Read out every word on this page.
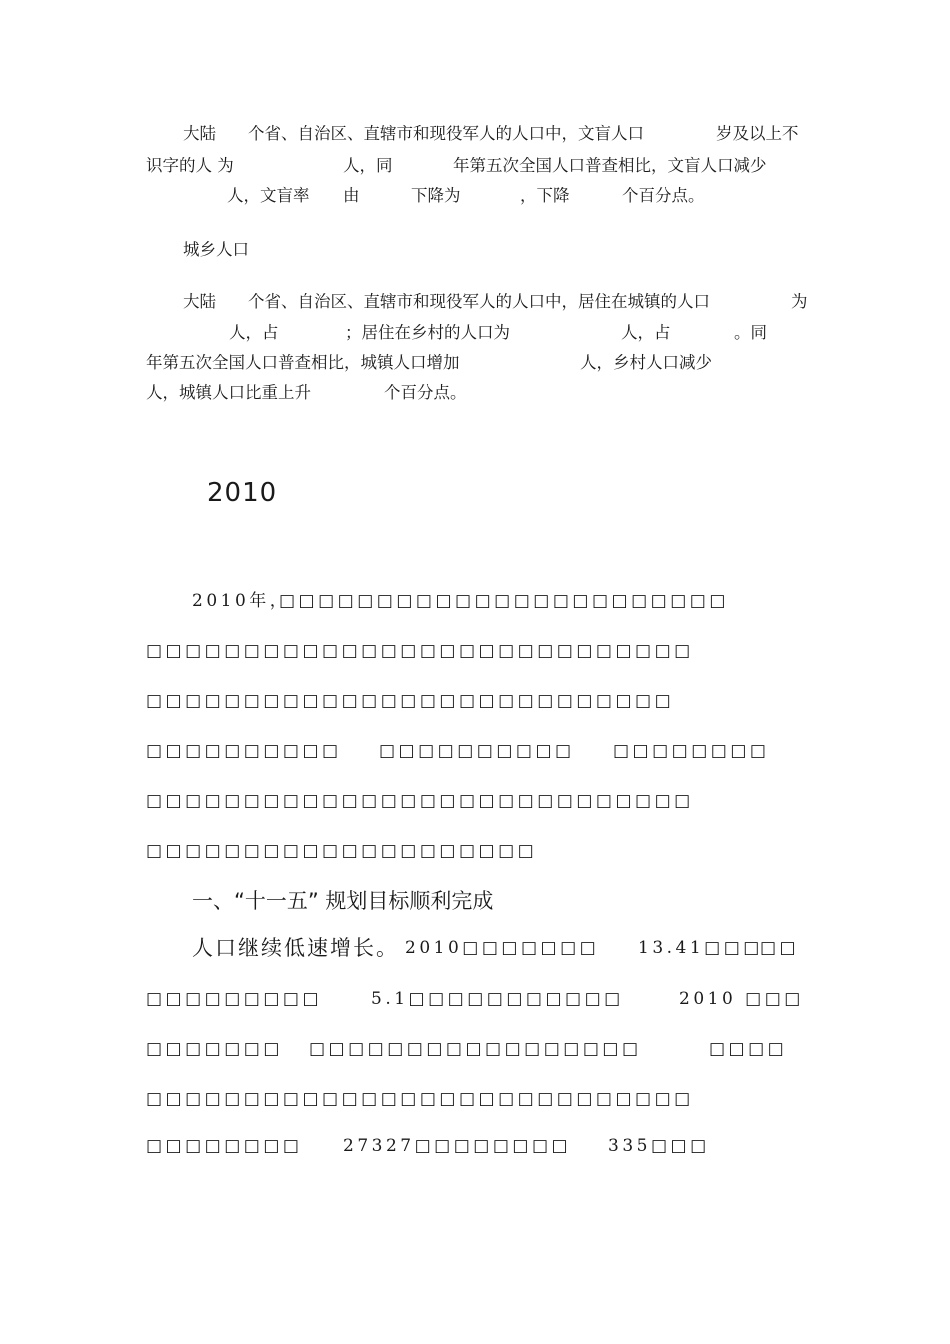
大陆 个省、自治区、直辖市和现役军人的人口中，文盲人口	岁及以上不
识字的人 为	人，同	年第五次全国人口普查相比，文盲人口减少
人，文盲率 由	下降为	，下降	个百分点。
城乡人口
大陆 个省、自治区、直辖市和现役军人的人口中，居住在城镇的人口	为
人，占	；居住在乡村的人口为	人，占	。同
年第五次全国人口普查相比，城镇人口增加	人，乡村人口减少
人，城镇人口比重上升	个百分点。
2010
2010年，
□□□□□□□□□□□□□□□□□□□□□□□
□□□□□□□□□□□□□□□□□□□□□□□□□□□□
□□□□□□□□□□□□□□□□□□□□□□□□□□□
□□□□□□□□□□ □□□□□□□□□□ □□□□□□□□
□□□□□□□□□□□□□□□□□□□□□□□□□□□□
□□□□□□□□□□□□□□□□□□□□
一、“十一五” 规划目标顺利完成
人口继续低速增长。 2010□□□□□□□ 13.41□□□
□□
□□□□□□□□□	5.1□□□□□□□□□□□	2010 □□□
□□□□□□□ □□□□□□□□□□□□□□□□□	□□□□
□□□□□□□□□□□□□□□□□□□□□□□□□□□□
□□□□□□□□ 27327□□□□□□□□ 335□□□
